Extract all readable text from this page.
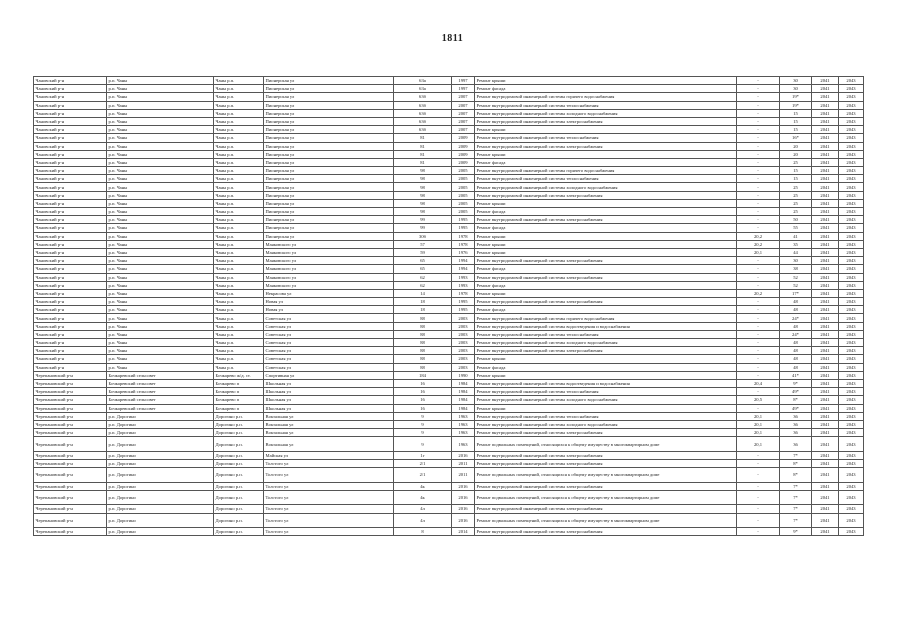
1811
Чановский р-н	р.п. Чаны	Чаны р.п.	Пионерская ул	63а	1997	Ремонт крыши	-	30	2041	2043
Чановский р-н	р.п. Чаны	Чаны р.п.	Пионерская ул	63а	1997	Ремонт фасада	-	30	2041	2043
Чановский р-н	р.п. Чаны	Чаны р.п.	Пионерская ул	63б	2007	Ремонт внутридомовой инженерной системы горячего водоснабжения	-	19*	2041	2043
Чановский р-н	р.п. Чаны	Чаны р.п.	Пионерская ул	63б	2007	Ремонт внутридомовой инженерной системы теплоснабжения	-	19*	2041	2043
Чановский р-н	р.п. Чаны	Чаны р.п.	Пионерская ул	63б	2007	Ремонт внутридомовой инженерной системы холодного водоснабжения	-	15	2041	2043
Чановский р-н	р.п. Чаны	Чаны р.п.	Пионерская ул	63б	2007	Ремонт внутридомовой инженерной системы электроснабжения	-	15	2041	2043
Чановский р-н	р.п. Чаны	Чаны р.п.	Пионерская ул	63б	2007	Ремонт крыши	-	15	2041	2043
Чановский р-н	р.п. Чаны	Чаны р.п.	Пионерская ул	81	2009	Ремонт внутридомовой инженерной системы теплоснабжения	-	16*	2041	2043
Чановский р-н	р.п. Чаны	Чаны р.п.	Пионерская ул	81	2009	Ремонт внутридомовой инженерной системы электроснабжения	-	20	2041	2043
Чановский р-н	р.п. Чаны	Чаны р.п.	Пионерская ул	81	2009	Ремонт крыши	-	20	2041	2043
Чановский р-н	р.п. Чаны	Чаны р.п.	Пионерская ул	81	2009	Ремонт фасада	-	25	2041	2043
Чановский р-н	р.п. Чаны	Чаны р.п.	Пионерская ул	98	2005	Ремонт внутридомовой инженерной системы горячего водоснабжения	-	15	2041	2043
Чановский р-н	р.п. Чаны	Чаны р.п.	Пионерская ул	98	2005	Ремонт внутридомовой инженерной системы теплоснабжения	-	15	2041	2043
Чановский р-н	р.п. Чаны	Чаны р.п.	Пионерская ул	98	2005	Ремонт внутридомовой инженерной системы холодного водоснабжения	-	25	2041	2043
Чановский р-н	р.п. Чаны	Чаны р.п.	Пионерская ул	98	2005	Ремонт внутридомовой инженерной системы электроснабжения	-	25	2041	2043
Чановский р-н	р.п. Чаны	Чаны р.п.	Пионерская ул	98	2005	Ремонт крыши	-	25	2041	2043
Чановский р-н	р.п. Чаны	Чаны р.п.	Пионерская ул	98	2005	Ремонт фасада	-	25	2041	2043
Чановский р-н	р.п. Чаны	Чаны р.п.	Пионерская ул	99	1995	Ремонт внутридомовой инженерной системы электроснабжения	-	50	2041	2043
Чановский р-н	р.п. Чаны	Чаны р.п.	Пионерская ул	99	1995	Ремонт фасада	-	55	2041	2043
Чановский р-н	р.п. Чаны	Чаны р.п.	Пионерская ул	30б	1978	Ремонт крыши	20,2	41	2041	2043
Чановский р-н	р.п. Чаны	Чаны р.п.	Маяковского ул	57	1978	Ремонт крыши	20,2	35	2041	2043
Чановский р-н	р.п. Чаны	Чаны р.п.	Маяковского ул	59	1976	Ремонт крыши	20,1	44	2041	2043
Чановский р-н	р.п. Чаны	Чаны р.п.	Маяковского ул	65	1994	Ремонт внутридомовой инженерной системы электроснабжения	-	30	2041	2043
Чановский р-н	р.п. Чаны	Чаны р.п.	Маяковского ул	65	1994	Ремонт фасада	-	38	2041	2043
Чановский р-н	р.п. Чаны	Чаны р.п.	Маяковского ул	62	1993	Ремонт внутридомовой инженерной системы электроснабжения	-	52	2041	2043
Чановский р-н	р.п. Чаны	Чаны р.п.	Маяковского ул	62	1993	Ремонт фасада	-	52	2041	2043
Чановский р-н	р.п. Чаны	Чаны р.п.	Некрасова ул	14	1978	Ремонт крыши	20,2	17*	2041	2043
Чановский р-н	р.п. Чаны	Чаны р.п.	Новая ул	18	1995	Ремонт внутридомовой инженерной системы электроснабжения	-	48	2041	2043
Чановский р-н	р.п. Чаны	Чаны р.п.	Новая ул	18	1995	Ремонт фасада	-	48	2041	2043
Чановский р-н	р.п. Чаны	Чаны р.п.	Советская ул	88	2003	Ремонт внутридомовой инженерной системы горячего водоснабжения	-	24*	2041	2043
Чановский р-н	р.п. Чаны	Чаны р.п.	Советская ул	88	2003	Ремонт внутридомовой инженерной системы водоотведения и водоснабжения	-	48	2041	2043
Чановский р-н	р.п. Чаны	Чаны р.п.	Советская ул	88	2003	Ремонт внутридомовой инженерной системы теплоснабжения	-	24*	2041	2043
Чановский р-н	р.п. Чаны	Чаны р.п.	Советская ул	88	2003	Ремонт внутридомовой инженерной системы холодного водоснабжения	-	48	2041	2043
Чановский р-н	р.п. Чаны	Чаны р.п.	Советская ул	88	2003	Ремонт внутридомовой инженерной системы электроснабжения	-	48	2041	2043
Чановский р-н	р.п. Чаны	Чаны р.п.	Советская ул	88	2003	Ремонт крыши	-	48	2041	2043
Чановский р-н	р.п. Чаны	Чаны р.п.	Советская ул	88	2003	Ремонт фасада	-	48	2041	2043
Черепановский р-н	Бочкаревский сельсовет	Бочкарево ж/д. ст.	Спортивная ул	184	1990	Ремонт крыши	-	41*	2041	2043
Черепановский р-н	Бочкаревский сельсовет	Бочкарево п	Школьная ул	16	1984	Ремонт внутридомовой инженерной системы водоотведения и водоснабжения	20,4	9*	2041	2043
Черепановский р-н	Бочкаревский сельсовет	Бочкарево п	Школьная ул	16	1984	Ремонт внутридомовой инженерной системы теплоснабжения	-	49*	2041	2043
Черепановский р-н	Бочкаревский сельсовет	Бочкарево п	Школьная ул	16	1984	Ремонт внутридомовой инженерной системы холодного водоснабжения	20,5	8*	2041	2043
Черепановский р-н	Бочкаревский сельсовет	Бочкарево п	Школьная ул	16	1984	Ремонт крыши	-	49*	2041	2043
Черепановский р-н	р.п. Дорогино	Дорогино р.п.	Вокзальная ул	9	1963	Ремонт внутридомовой инженерной системы теплоснабжения	20,1	36	2041	2043
Черепановский р-н	р.п. Дорогино	Дорогино р.п.	Вокзальная ул	9	1963	Ремонт внутридомовой инженерной системы холодного водоснабжения	20,1	36	2041	2043
Черепановский р-н	р.п. Дорогино	Дорогино р.п.	Вокзальная ул	9	1963	Ремонт внутридомовой инженерной системы электроснабжения	20,1	36	2041	2043
Черепановский р-н	р.п. Дорогино	Дорогино р.п.	Вокзальная ул	9	1963	Ремонт подвальных помещений, относящихся к общему имуществу в многоквартирном доме	20,1	36	2041	2043
Черепановский р-н	р.п. Дорогино	Дорогино р.п.	Майская ул	1г	2016	Ремонт внутридомовой инженерной системы электроснабжения	-	7*	2041	2043
Черепановский р-н	р.п. Дорогино	Дорогино р.п.	Толстого ул	2/1	2011	Ремонт внутридомовой инженерной системы электроснабжения	-	8*	2041	2043
Черепановский р-н	р.п. Дорогино	Дорогино р.п.	Толстого ул	2/1	2011	Ремонт подвальных помещений, относящихся к общему имуществу в многоквартирном доме	-	8*	2041	2043
Черепановский р-н	р.п. Дорогино	Дорогино р.п.	Толстого ул	4к	2016	Ремонт внутридомовой инженерной системы электроснабжения	-	7*	2041	2043
Черепановский р-н	р.п. Дорогино	Дорогино р.п.	Толстого ул	4к	2016	Ремонт подвальных помещений, относящихся к общему имуществу в многоквартирном доме	-	7*	2041	2043
Черепановский р-н	р.п. Дорогино	Дорогино р.п.	Толстого ул	4л	2016	Ремонт внутридомовой инженерной системы электроснабжения	-	7*	2041	2043
Черепановский р-н	р.п. Дорогино	Дорогино р.п.	Толстого ул	4л	2016	Ремонт подвальных помещений, относящихся к общему имуществу в многоквартирном доме	-	7*	2041	2043
Черепановский р-н	р.п. Дорогино	Дорогино р.п.	Толстого ул	8	2014	Ремонт внутридомовой инженерной системы электроснабжения	-	9*	2041	2043
